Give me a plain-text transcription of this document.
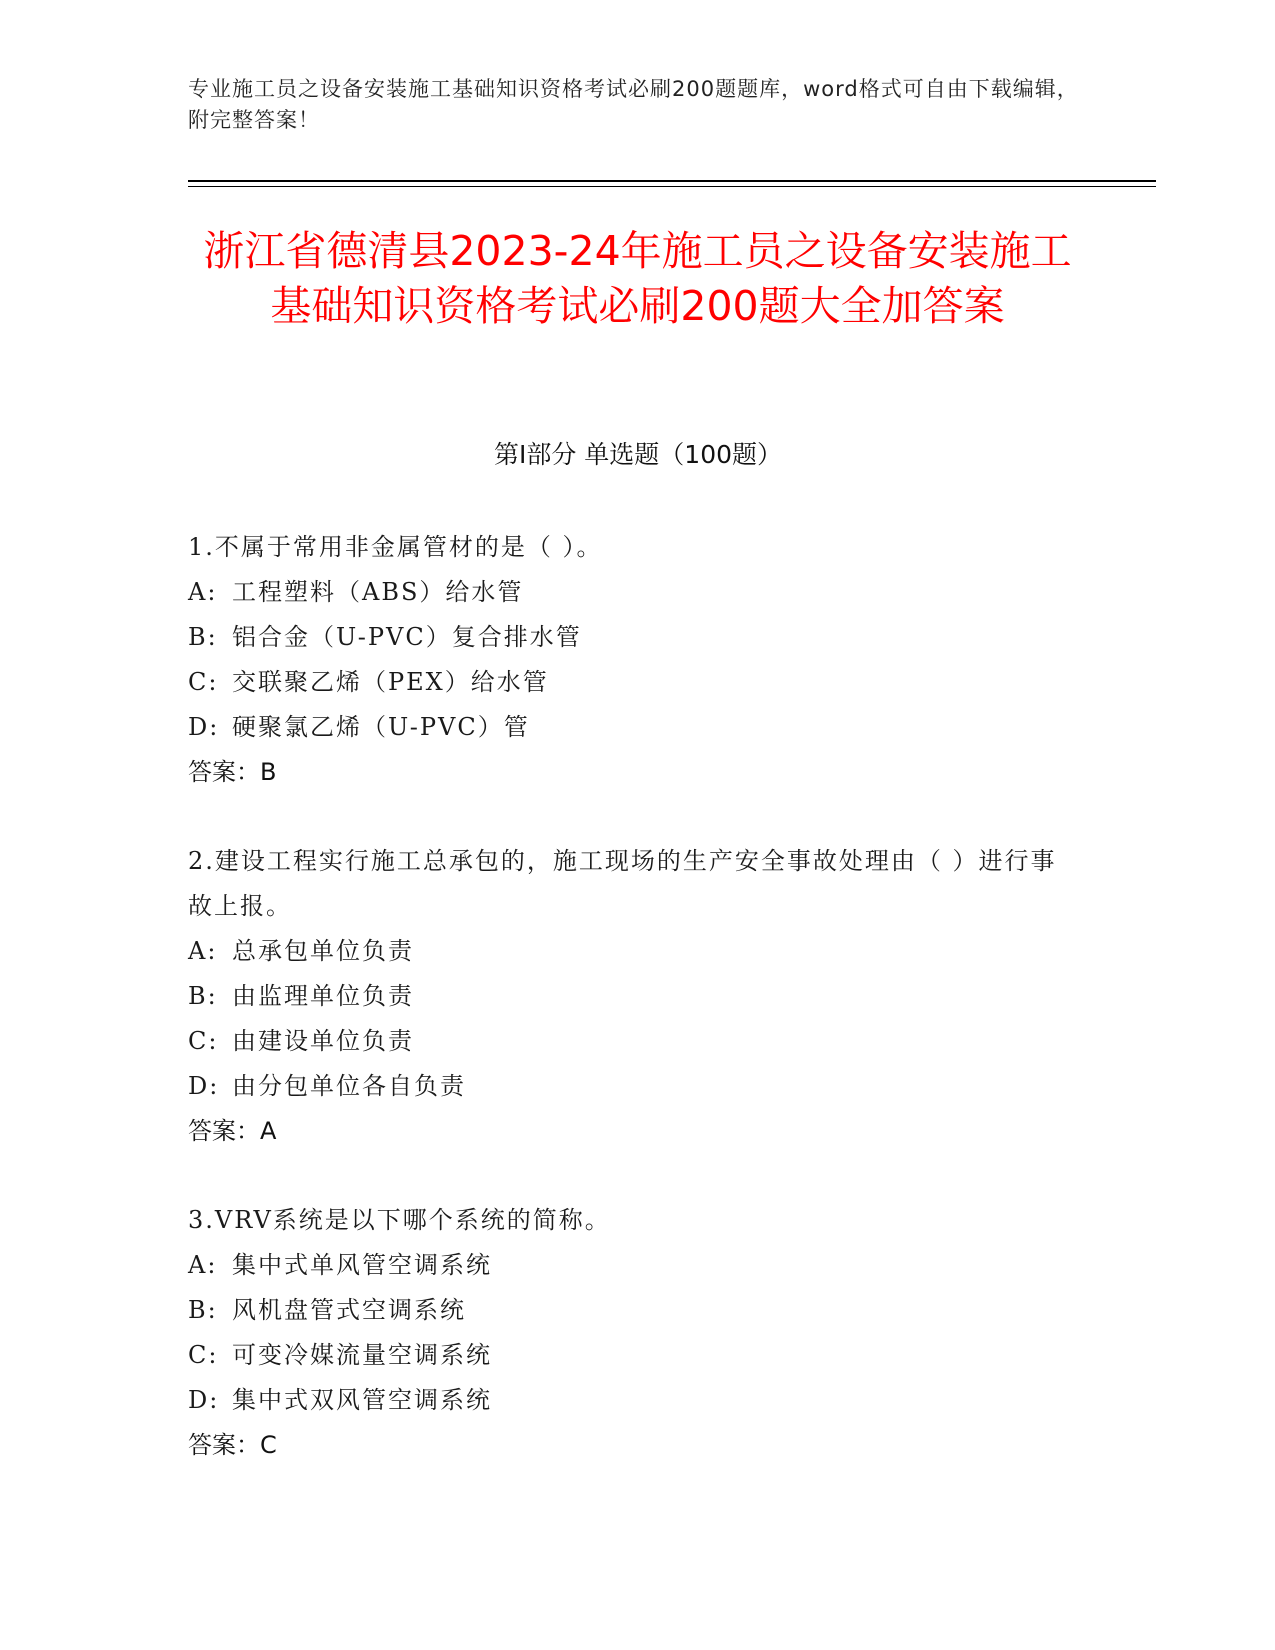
专业施工员之设备安装施工基础知识资格考试必刷200题题库，word格式可自由下载编辑，附完整答案！
浙江省德清县2023-24年施工员之设备安装施工基础知识资格考试必刷200题大全加答案
第Ⅰ部分 单选题（100题）
1.不属于常用非金属管材的是（ ）。
A: 工程塑料（ABS）给水管
B: 铝合金（U-PVC）复合排水管
C: 交联聚乙烯（PEX）给水管
D: 硬聚氯乙烯（U-PVC）管
答案：B
2.建设工程实行施工总承包的，施工现场的生产安全事故处理由（ ）进行事故上报。
A: 总承包单位负责
B: 由监理单位负责
C: 由建设单位负责
D: 由分包单位各自负责
答案：A
3.VRV系统是以下哪个系统的简称。
A: 集中式单风管空调系统
B: 风机盘管式空调系统
C: 可变冷媒流量空调系统
D: 集中式双风管空调系统
答案：C
